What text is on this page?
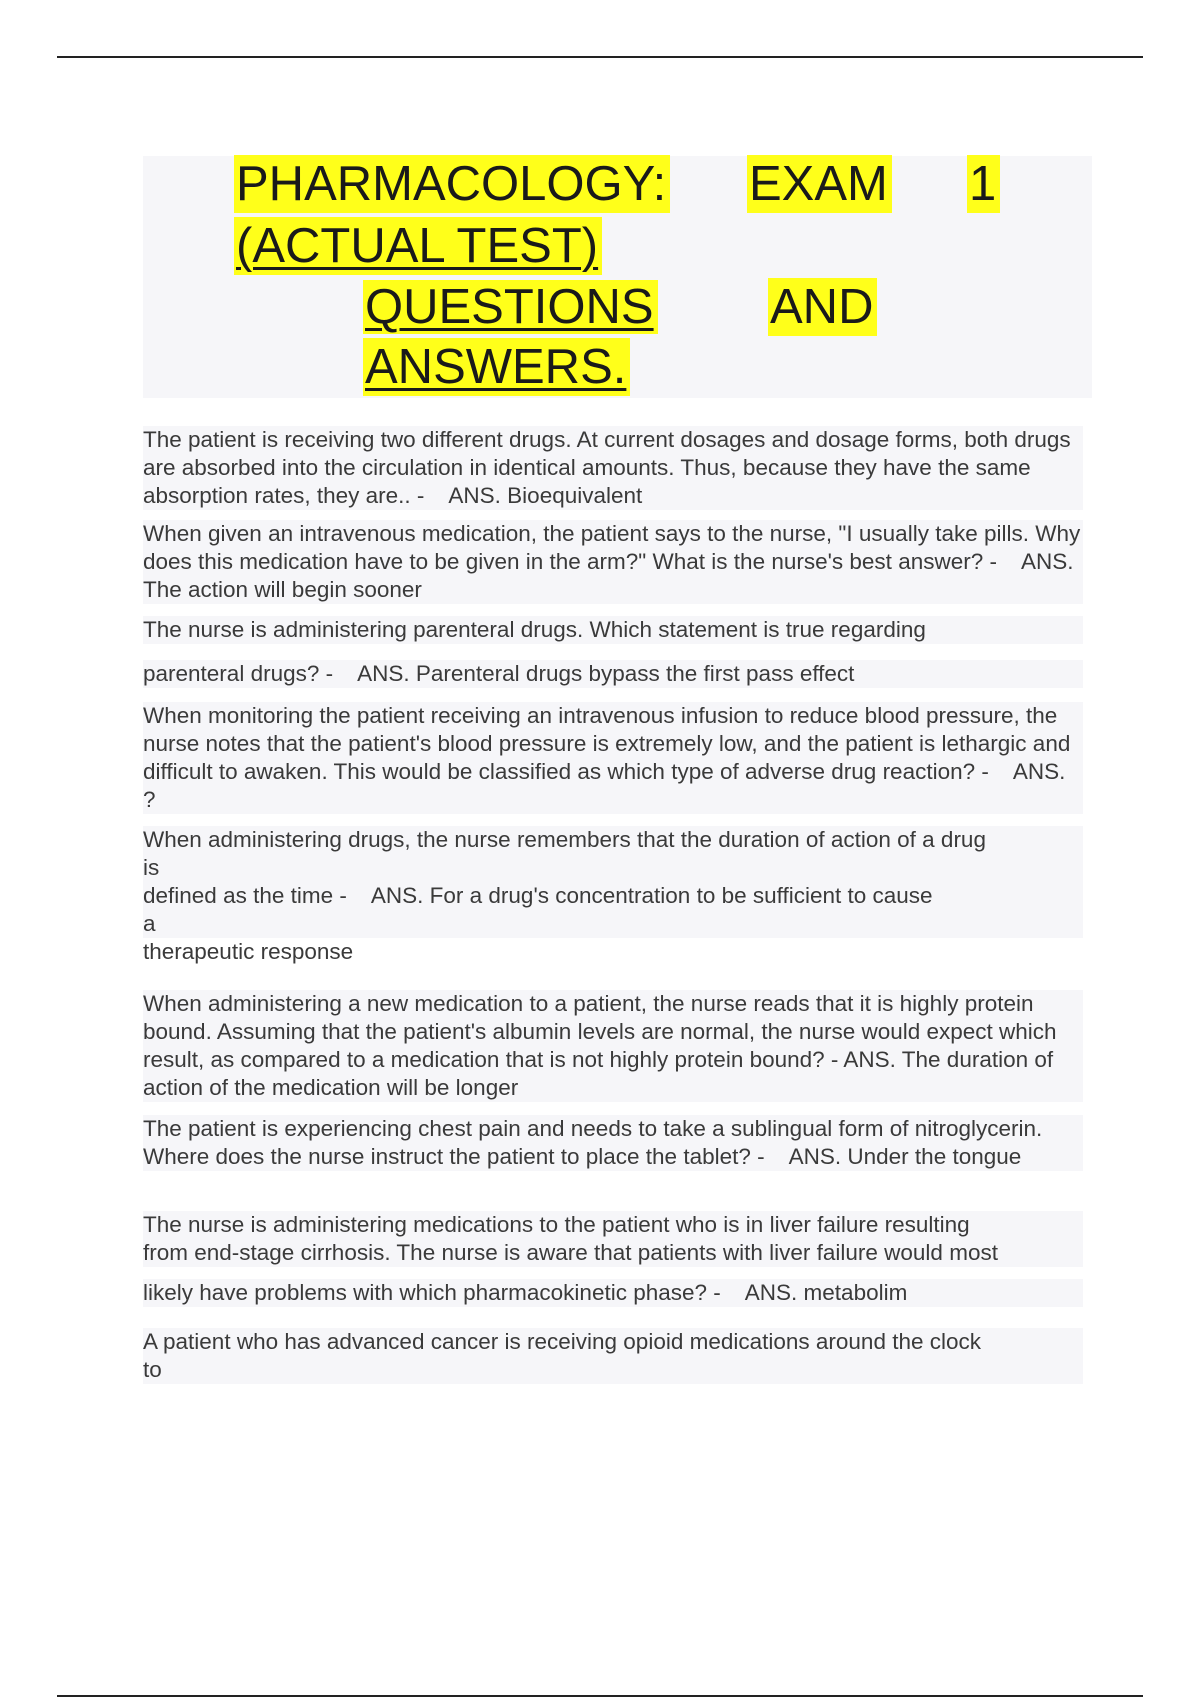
PHARMACOLOGY: EXAM 1
(ACTUAL TEST)
QUESTIONS AND
ANSWERS.

The patient is receiving two different drugs. At current dosages and dosage forms, both drugs are absorbed into the circulation in identical amounts. Thus, because they have the same absorption rates, they are.. - ANS. Bioequivalent

When given an intravenous medication, the patient says to the nurse, "I usually take pills. Why does this medication have to be given in the arm?" What is the nurse's best answer? - ANS. The action will begin sooner

The nurse is administering parenteral drugs. Which statement is true regarding

parenteral drugs? - ANS. Parenteral drugs bypass the first pass effect

When monitoring the patient receiving an intravenous infusion to reduce blood pressure, the nurse notes that the patient's blood pressure is extremely low, and the patient is lethargic and difficult to awaken. This would be classified as which type of adverse drug reaction? - ANS. ?

When administering drugs, the nurse remembers that the duration of action of a drug

is

defined as the time - ANS. For a drug's concentration to be sufficient to cause

a

therapeutic response

When administering a new medication to a patient, the nurse reads that it is highly protein bound. Assuming that the patient's albumin levels are normal, the nurse would expect which result, as compared to a medication that is not highly protein bound? - ANS. The duration of action of the medication will be longer

The patient is experiencing chest pain and needs to take a sublingual form of nitroglycerin. Where does the nurse instruct the patient to place the tablet? - ANS. Under the tongue

The nurse is administering medications to the patient who is in liver failure resulting

from end-stage cirrhosis. The nurse is aware that patients with liver failure would most

likely have problems with which pharmacokinetic phase? - ANS. metabolim

A patient who has advanced cancer is receiving opioid medications around the clock

to
